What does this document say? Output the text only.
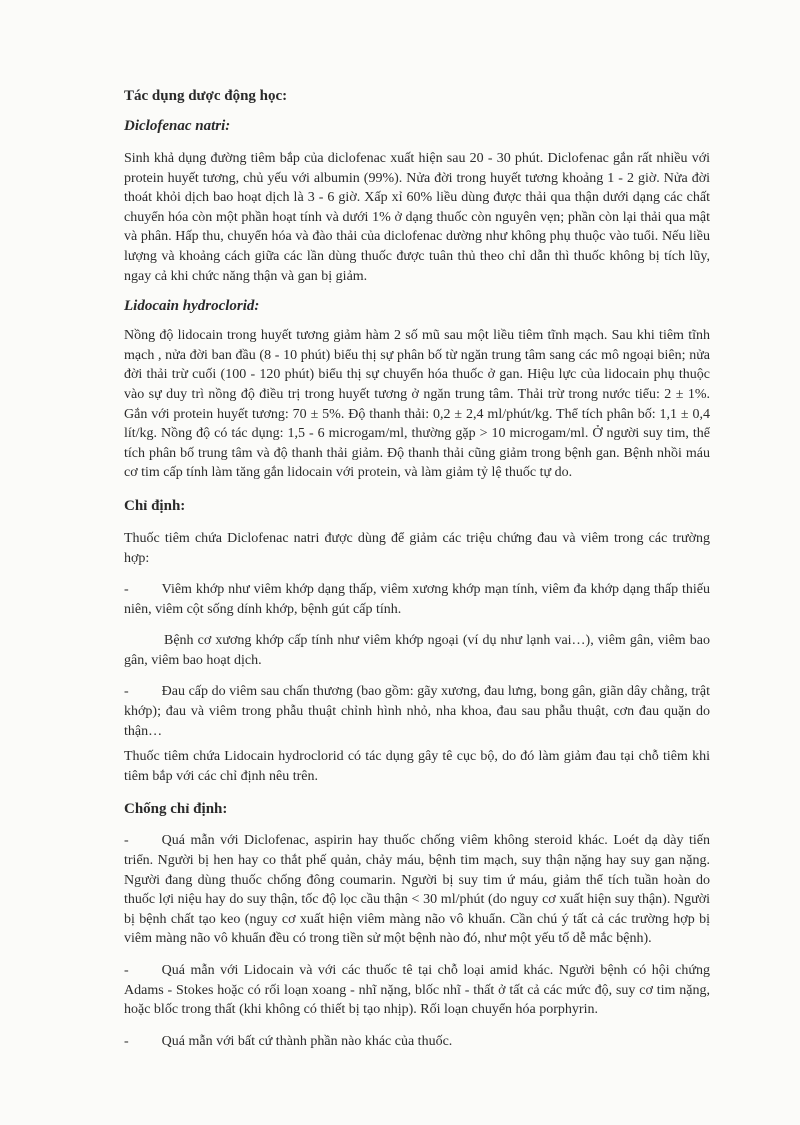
Tác dụng dược động học:

Diclofenac natri:

Sinh khả dụng đường tiêm bắp của diclofenac xuất hiện sau 20 - 30 phút. Diclofenac gắn rất nhiều với protein huyết tương, chủ yếu với albumin (99%). Nửa đời trong huyết tương khoảng 1 - 2 giờ. Nửa đời thoát khỏi dịch bao hoạt dịch là 3 - 6 giờ. Xấp xỉ 60% liều dùng được thải qua thận dưới dạng các chất chuyển hóa còn một phần hoạt tính và dưới 1% ở dạng thuốc còn nguyên vẹn; phần còn lại thải qua mật và phân. Hấp thu, chuyển hóa và đào thải của diclofenac dường như không phụ thuộc vào tuổi. Nếu liều lượng và khoảng cách giữa các lần dùng thuốc được tuân thủ theo chỉ dẫn thì thuốc không bị tích lũy, ngay cả khi chức năng thận và gan bị giảm.

Lidocain hydroclorid:

Nồng độ lidocain trong huyết tương giảm hàm 2 số mũ sau một liều tiêm tĩnh mạch. Sau khi tiêm tĩnh mạch , nửa đời ban đầu (8 - 10 phút) biểu thị sự phân bố từ ngăn trung tâm sang các mô ngoại biên; nửa đời thải trừ cuối (100 - 120 phút) biểu thị sự chuyển hóa thuốc ở gan. Hiệu lực của lidocain phụ thuộc vào sự duy trì nồng độ điều trị trong huyết tương ở ngăn trung tâm. Thải trừ trong nước tiểu: 2 ± 1%. Gắn với protein huyết tương: 70 ± 5%. Độ thanh thải: 0,2 ± 2,4 ml/phút/kg. Thể tích phân bố: 1,1 ± 0,4 lít/kg. Nồng độ có tác dụng: 1,5 - 6 microgam/ml, thường gặp > 10 microgam/ml. Ở người suy tim, thể tích phân bố trung tâm và độ thanh thải giảm. Độ thanh thải cũng giảm trong bệnh gan. Bệnh nhồi máu cơ tim cấp tính làm tăng gắn lidocain với protein, và làm giảm tỷ lệ thuốc tự do.

Chỉ định:

Thuốc tiêm chứa Diclofenac natri được dùng để giảm các triệu chứng đau và viêm trong các trường hợp:

- Viêm khớp như viêm khớp dạng thấp, viêm xương khớp mạn tính, viêm đa khớp dạng thấp thiếu niên, viêm cột sống dính khớp, bệnh gút cấp tính.

Bệnh cơ xương khớp cấp tính như viêm khớp ngoại (ví dụ như lạnh vai…), viêm gân, viêm bao gân, viêm bao hoạt dịch.

- Đau cấp do viêm sau chấn thương (bao gồm: gãy xương, đau lưng, bong gân, giãn dây chằng, trật khớp); đau và viêm trong phẫu thuật chỉnh hình nhỏ, nha khoa, đau sau phẫu thuật, cơn đau quặn do thận…

Thuốc tiêm chứa Lidocain hydroclorid có tác dụng gây tê cục bộ, do đó làm giảm đau tại chỗ tiêm khi tiêm bắp với các chỉ định nêu trên.

Chống chỉ định:

- Quá mẫn với Diclofenac, aspirin hay thuốc chống viêm không steroid khác. Loét dạ dày tiến triển. Người bị hen hay co thắt phế quản, chảy máu, bệnh tim mạch, suy thận nặng hay suy gan nặng. Người đang dùng thuốc chống đông coumarin. Người bị suy tim ứ máu, giảm thể tích tuần hoàn do thuốc lợi niệu hay do suy thận, tốc độ lọc cầu thận < 30 ml/phút (do nguy cơ xuất hiện suy thận). Người bị bệnh chất tạo keo (nguy cơ xuất hiện viêm màng não vô khuẩn. Cần chú ý tất cả các trường hợp bị viêm màng não vô khuẩn đều có trong tiền sử một bệnh nào đó, như một yếu tố dễ mắc bệnh).

- Quá mẫn với Lidocain và với các thuốc tê tại chỗ loại amid khác. Người bệnh có hội chứng Adams - Stokes hoặc có rối loạn xoang - nhĩ nặng, blốc nhĩ - thất ở tất cả các mức độ, suy cơ tim nặng, hoặc blốc trong thất (khi không có thiết bị tạo nhịp). Rối loạn chuyển hóa porphyrin.

- Quá mẫn với bất cứ thành phần nào khác của thuốc.
